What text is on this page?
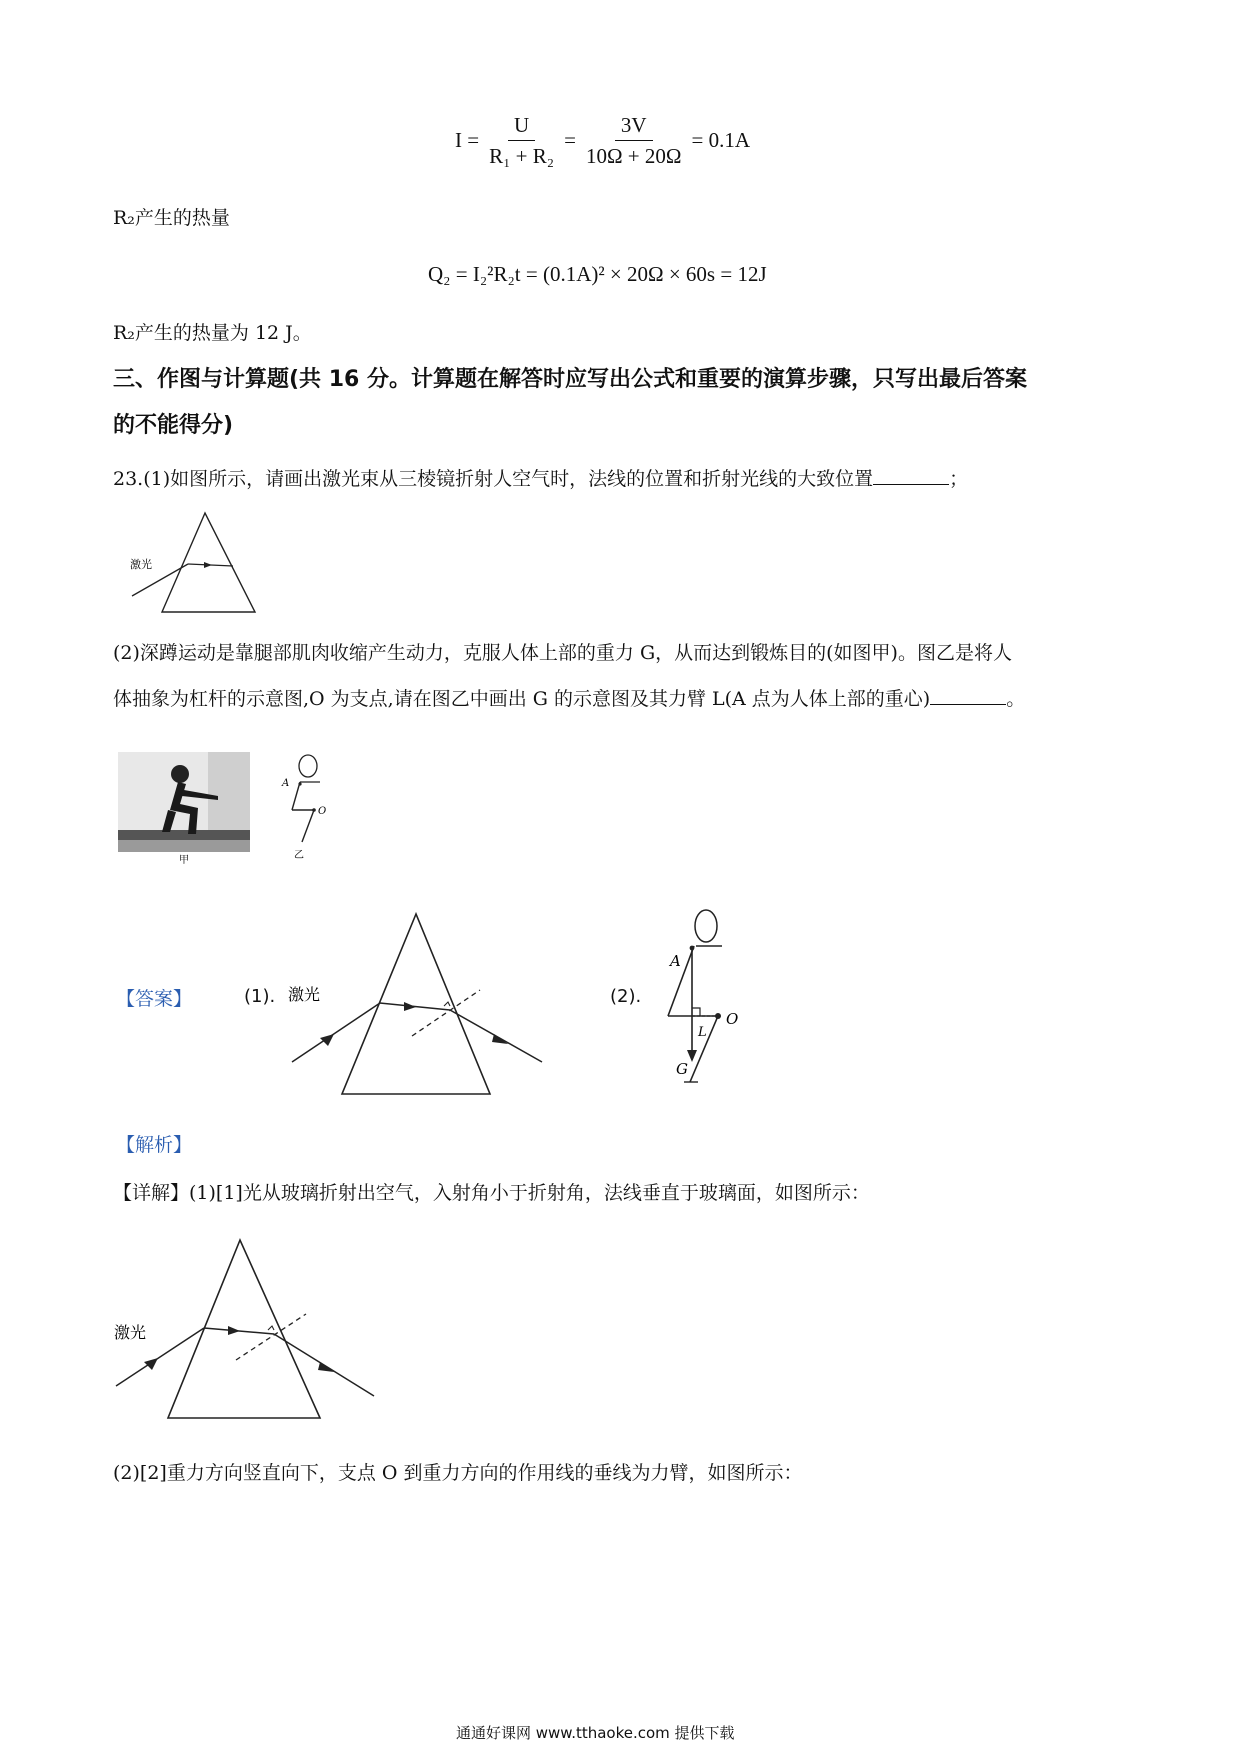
$I = \frac{U}{\text{R₁ + R₂}} = \frac{3V}{10\Omega + 20\Omega} = 0.1A$
R₂产生的热量
Q₂ = I₂²R₂t = (0.1A)² × 20Ω × 60s = 12J
R₂产生的热量为 12 J。
三、作图与计算题(共 16 分。计算题在解答时应写出公式和重要的演算步骤，只写出最后答案
的不能得分)
23.(1)如图所示，请画出激光束从三棱镜折射人空气时，法线的位置和折射光线的大致位置	；
激光
(2)深蹲运动是靠腿部肌肉收缩产生动力，克服人体上部的重力 G，从而达到锻炼目的(如图甲)。图乙是将人
体抽象为杠杆的示意图,O 为支点,请在图乙中画出 G 的示意图及其力臂 L(A 点为人体上部的重心)	。
甲
A
O
乙
【答案】	(1). 激光	(2).
A
O
L
G
【解析】
【详解】(1)[1]光从玻璃折射出空气，入射角小于折射角，法线垂直于玻璃面，如图所示：
激光
(2)[2]重力方向竖直向下，支点 O 到重力方向的作用线的垂线为力臂，如图所示：
通通好课网 www.tthaoke.com 提供下载
